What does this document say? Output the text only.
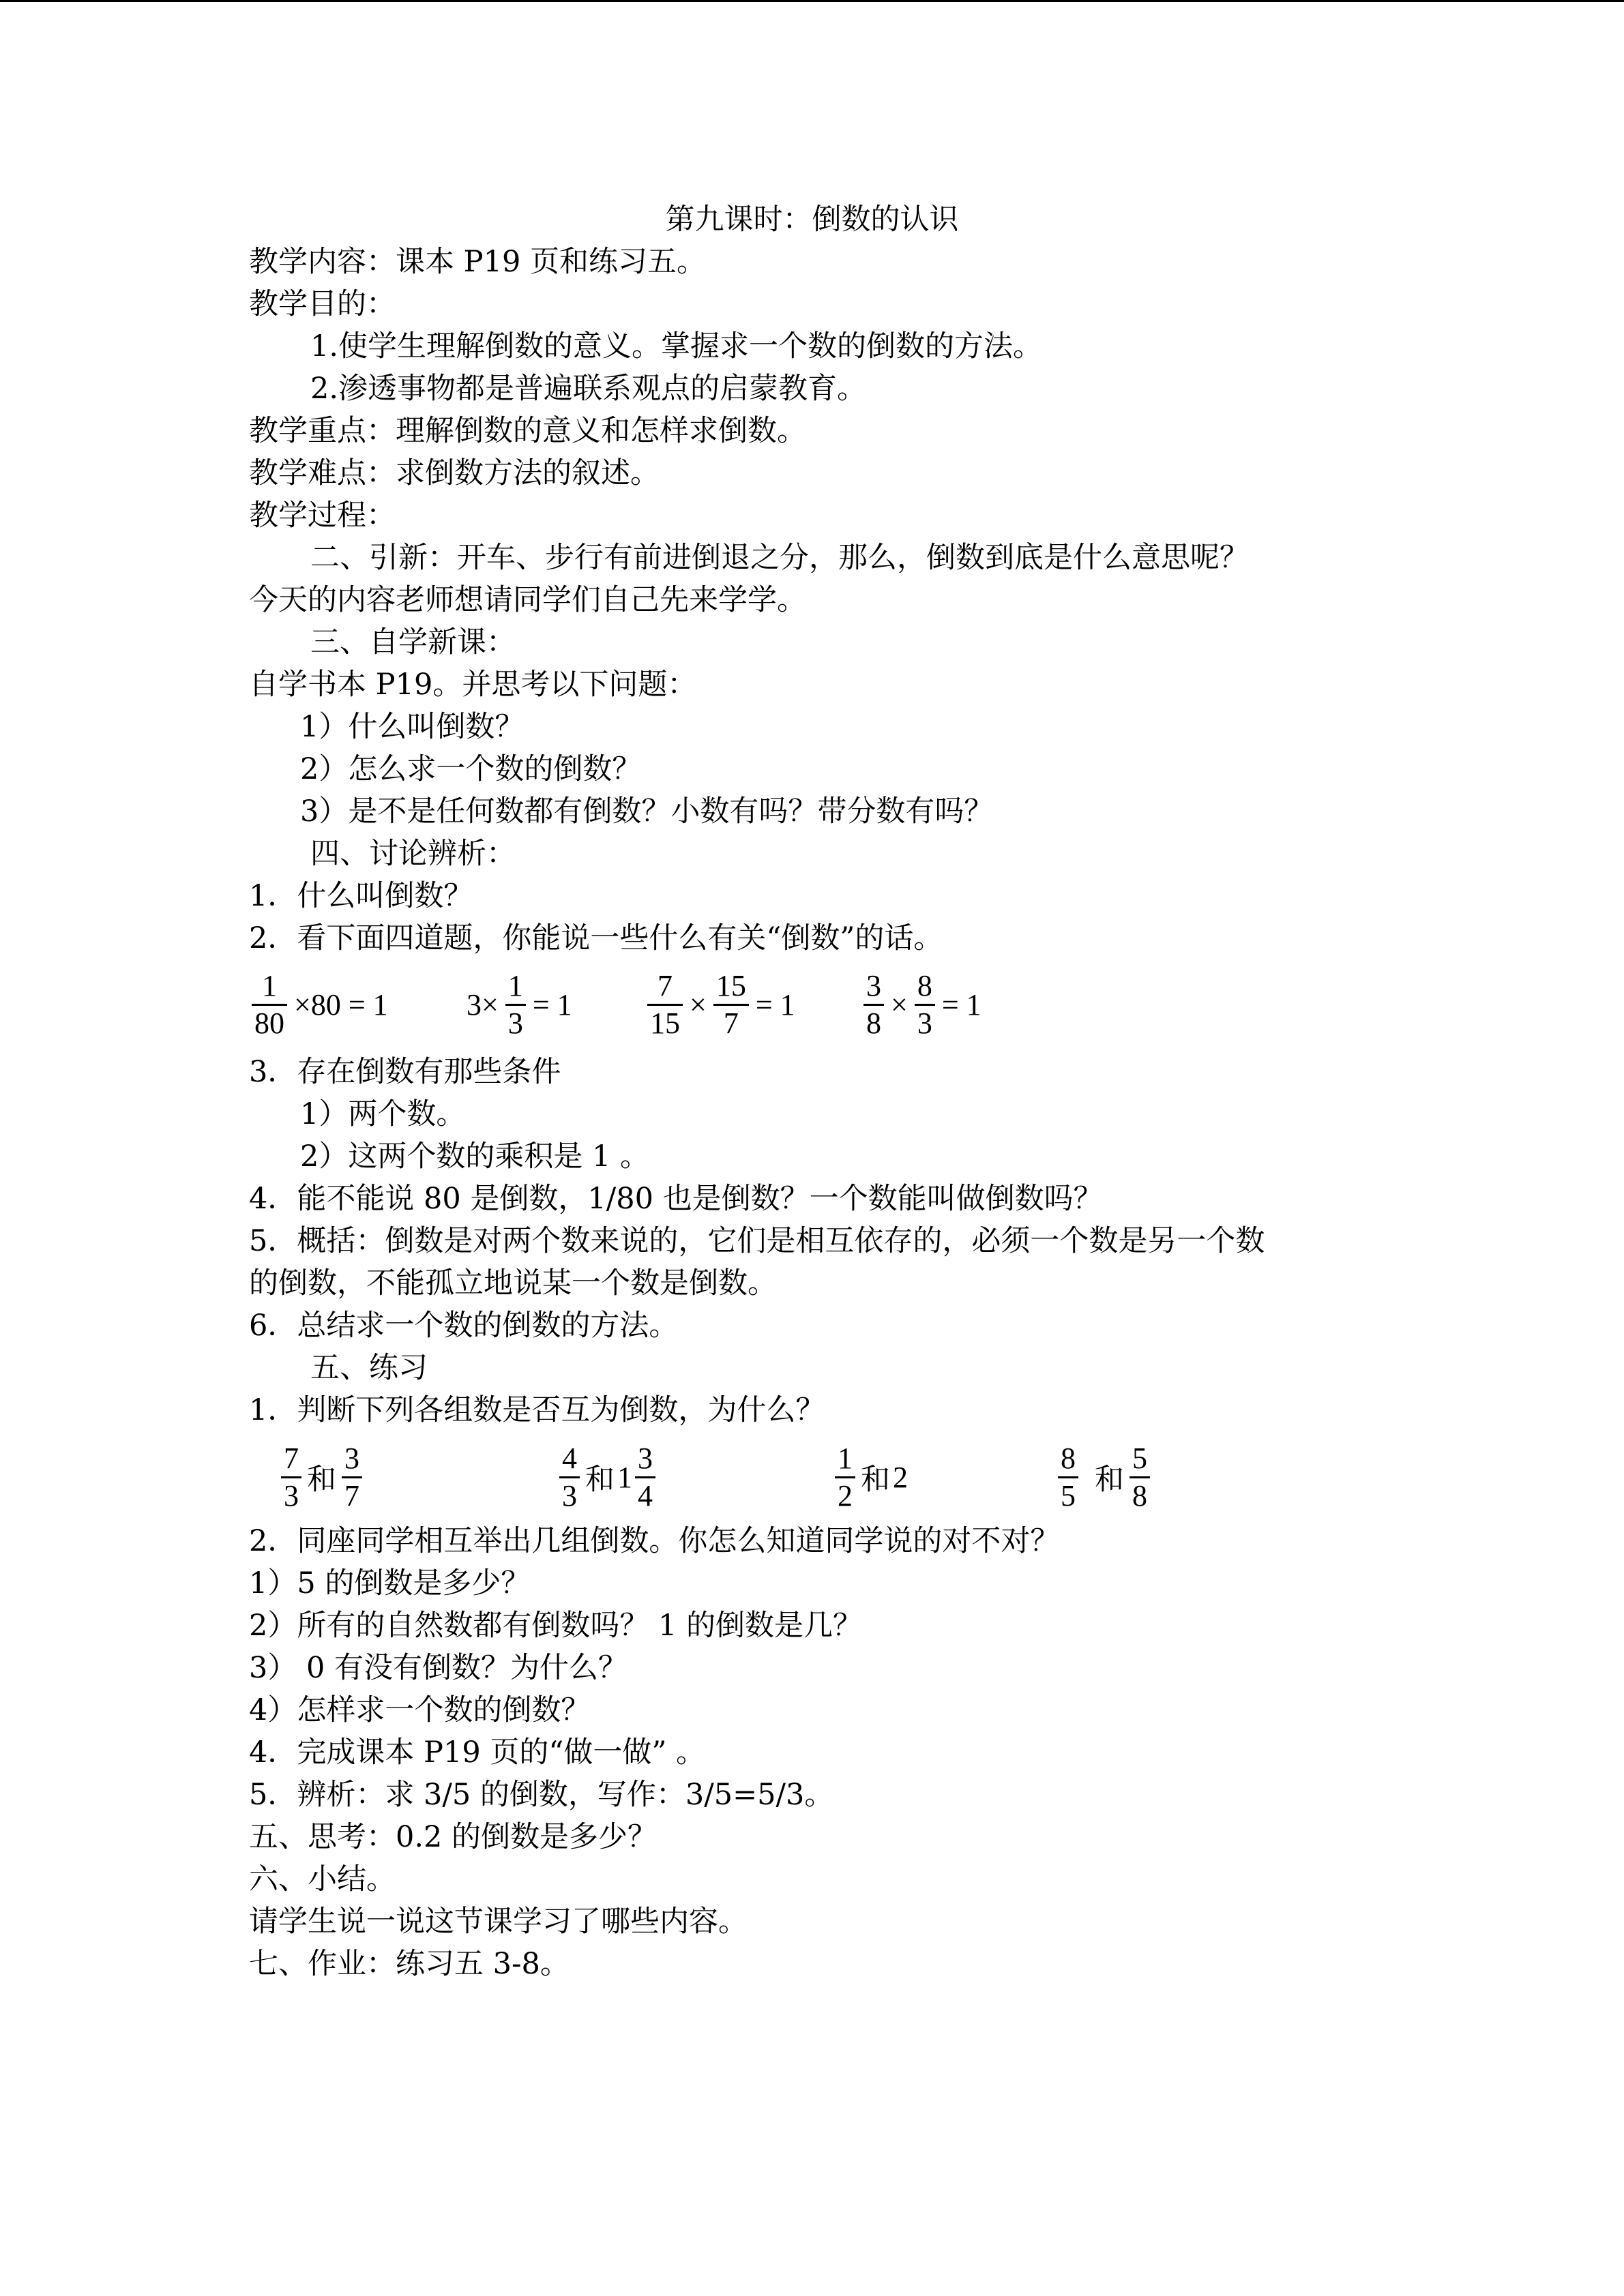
第九课时：倒数的认识
教学内容：课本 P19 页和练习五。
教学目的：
1.使学生理解倒数的意义。掌握求一个数的倒数的方法。
2.渗透事物都是普遍联系观点的启蒙教育。
教学重点：理解倒数的意义和怎样求倒数。
教学难点：求倒数方法的叙述。
教学过程：
二、引新：开车、步行有前进倒退之分，那么，倒数到底是什么意思呢？
今天的内容老师想请同学们自己先来学学。
三、自学新课：
自学书本 P19。并思考以下问题：
1）什么叫倒数？
2）怎么求一个数的倒数？
3）是不是任何数都有倒数？小数有吗？带分数有吗？
四、讨论辨析：
1．什么叫倒数？
2．看下面四道题，你能说一些什么有关“倒数”的话。
$\frac{1}{80} \times 80 = 1$	$3\times \frac{1}{3} = 1$	$\frac{7}{15} \times \frac{15}{7} = 1 \frac{3}{8} \times \frac{8}{3} = 1$
3．存在倒数有那些条件
1）两个数。
2）这两个数的乘积是 1 。
4．能不能说 80 是倒数，1/80 也是倒数？一个数能叫做倒数吗？
5．概括：倒数是对两个数来说的，它们是相互依存的，必须一个数是另一个数
的倒数，不能孤立地说某一个数是倒数。
6．总结求一个数的倒数的方法。
五、练习
1．判断下列各组数是否互为倒数，为什么？
$\frac{7}{3}$ 和 $\frac{3}{7}$	$\frac{4}{3}$ 和 $1 \frac{3}{4}$	$\frac{1}{2}$ 和 2	$\frac{8}{5}$ 和 $\frac{5}{8}$
2．同座同学相互举出几组倒数。你怎么知道同学说的对不对？
1）5 的倒数是多少？
2）所有的自然数都有倒数吗？ 1 的倒数是几？
3） 0 有没有倒数？为什么？
4）怎样求一个数的倒数？
4．完成课本 P19 页的“做一做” 。
5．辨析：求 3/5 的倒数，写作：3/5=5/3。
五、思考：0.2 的倒数是多少？
六、小结。
请学生说一说这节课学习了哪些内容。
七、作业：练习五 3-8。
